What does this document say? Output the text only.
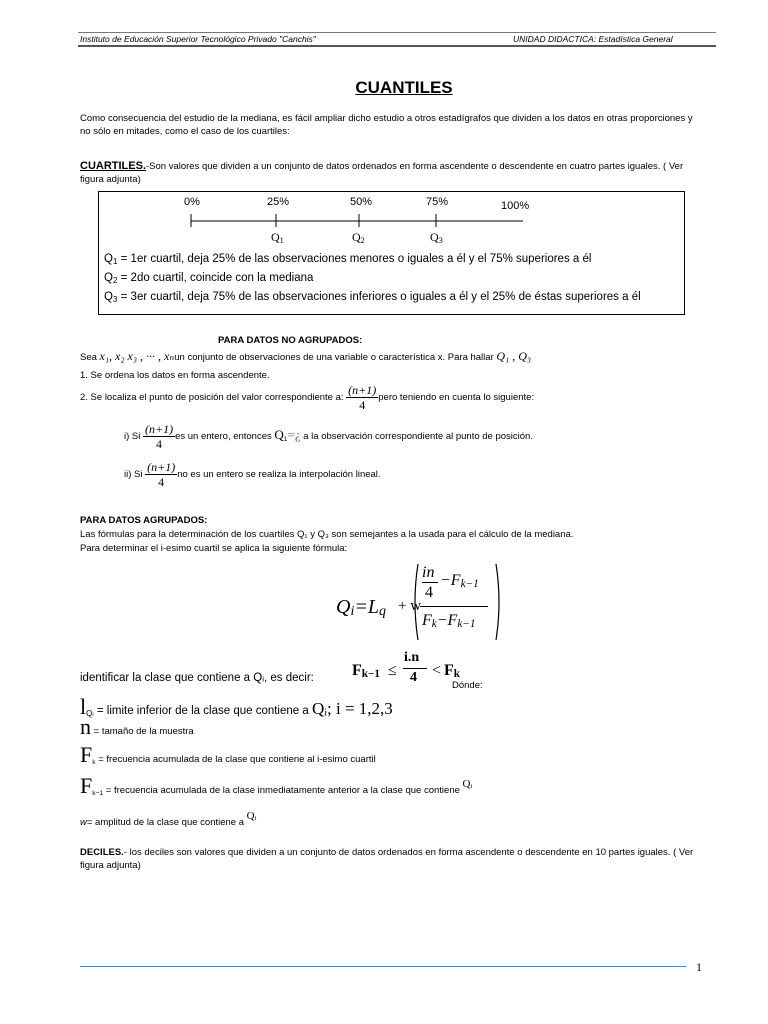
Instituto de Educación Superior Tecnológico Privado "Canchis"	UNIDAD DIDACTICA: Estadística General
CUANTILES
Como consecuencia del estudio de la mediana, es fácil ampliar dicho estudio a otros estadígrafos que dividen a los datos en otras proporciones y no sólo en mitades, como el caso de los cuartiles:
CUARTILES.-Son valores que dividen a un conjunto de datos ordenados en forma ascendente o descendente en cuatro partes iguales. ( Ver figura adjunta)
0%	25%	50%	75%	100%
$Q_1$	$Q_2$	$Q_3$
$Q_1 = 1er$ cuartil, deja 25% de las observaciones menores o iguales a él y el 75% superiores a él
$Q_2 = 2do$ cuartil, coincide con la mediana
$Q_3 = 3er$ cuartil, deja 75% de las observaciones inferiores o iguales a él y el 25% de éstas superiores a él
PARA DATOS NO AGRUPADOS:
Sea x₁, x₂ x₃ , ··· , xₙun conjunto de observaciones de una variable o característica x. Para hallar Q₁ , Q₃
1. Se ordena los datos en forma ascendente.
2. Se localiza el punto de posición del valor correspondiente a: $\frac{(n+1)}{4}$ pero teniendo en cuenta lo siguiente:
i) Si $\frac{(n+1)}{4}$ es un entero, entonces $Q_1=¿$ a la observación correspondiente al punto de posición.
ii) Si $\frac{(n+1)}{4}$ no es un entero se realiza la interpolación lineal.
PARA DATOS AGRUPADOS:
Las fórmulas para la determinación de los cuartiles Q₁ y Q₃ son semejantes a la usada para el cálculo de la mediana.
Para determinar el i-esimo cuartil se aplica la siguiente fórmula:
$Q_i=L_q + w$
in
4
$-F_{k-1}$
$F_k-F_{k-1}$
identificar la clase que contiene a Qᵢ, es decir: $F_{k-1}$ ≤
i.n
$4 < F_k$
Dónde:
$l_{Qᵢ}$ = limite inferior de la clase que contiene a Qᵢ; i = 1,2,3
n = tamaño de la muestra
$F_k$ = frecuencia acumulada de la clase que contiene al i-esimo cuartil
$F_{k-1}$ = frecuencia acumulada de la clase inmediatamente anterior a la clase que contiene Qᵢ
w= amplitud de la clase que contiene a Qᵢ
DECILES.- los deciles son valores que dividen a un conjunto de datos ordenados en forma ascendente o descendente en 10 partes iguales. ( Ver figura adjunta)
1
